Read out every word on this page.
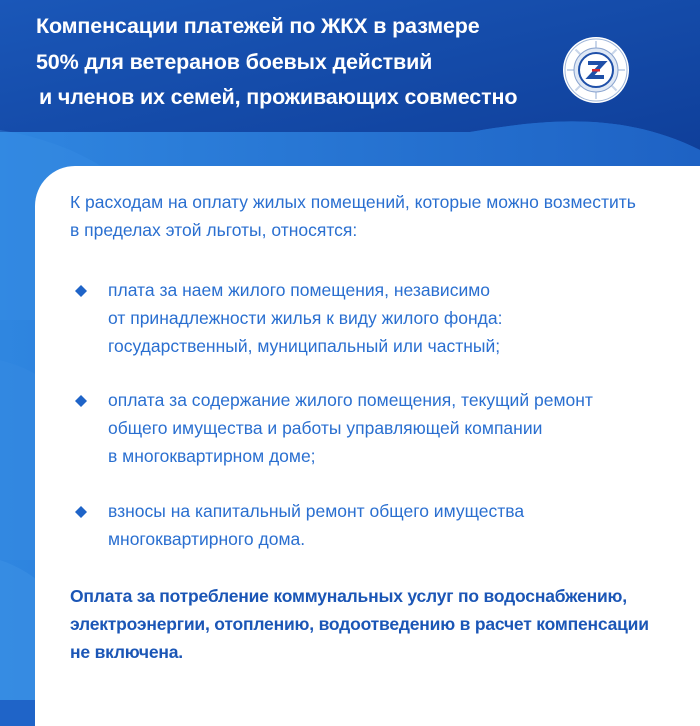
Компенсации платежей по ЖКХ в размере
50% для ветеранов боевых действий
и членов их семей, проживающих совместно
К расходам на оплату жилых помещений, которые можно возместить
в пределах этой льготы, относятся:
плата за наем жилого помещения, независимо
от принадлежности жилья к виду жилого фонда:
государственный, муниципальный или частный;
оплата за содержание жилого помещения, текущий ремонт
общего имущества и работы управляющей компании
в многоквартирном доме;
взносы на капитальный ремонт общего имущества
многоквартирного дома.
Оплата за потребление коммунальных услуг по водоснабжению,
электроэнергии, отоплению, водоотведению в расчет компенсации
не включена.
